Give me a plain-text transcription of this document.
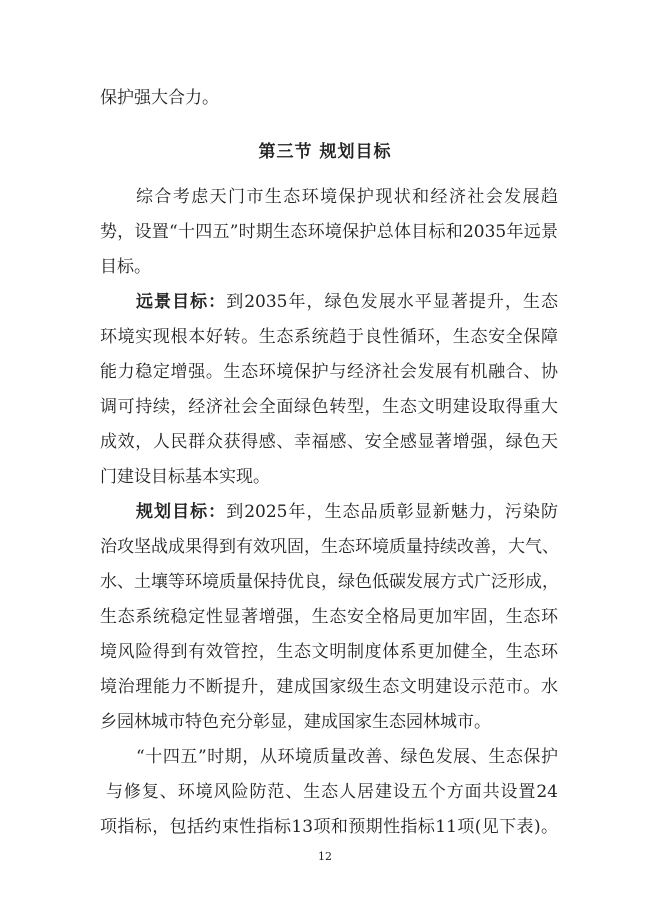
保护强大合力。
第三节 规划目标
综合考虑天门市生态环境保护现状和经济社会发展趋
势，设置“十四五”时期生态环境保护总体目标和2035年远景
目标。
远景目标：到2035年，绿色发展水平显著提升，生态
环境实现根本好转。生态系统趋于良性循环，生态安全保障
能力稳定增强。生态环境保护与经济社会发展有机融合、协
调可持续，经济社会全面绿色转型，生态文明建设取得重大
成效，人民群众获得感、幸福感、安全感显著增强，绿色天
门建设目标基本实现。
规划目标：到2025年，生态品质彰显新魅力，污染防
治攻坚战成果得到有效巩固，生态环境质量持续改善，大气、
水、土壤等环境质量保持优良，绿色低碳发展方式广泛形成，
生态系统稳定性显著增强，生态安全格局更加牢固，生态环
境风险得到有效管控，生态文明制度体系更加健全，生态环
境治理能力不断提升，建成国家级生态文明建设示范市。水
乡园林城市特色充分彰显，建成国家生态园林城市。
“十四五”时期，从环境质量改善、绿色发展、生态保护
与修复、环境风险防范、生态人居建设五个方面共设置24
项指标，包括约束性指标13项和预期性指标11项(见下表)。
12
